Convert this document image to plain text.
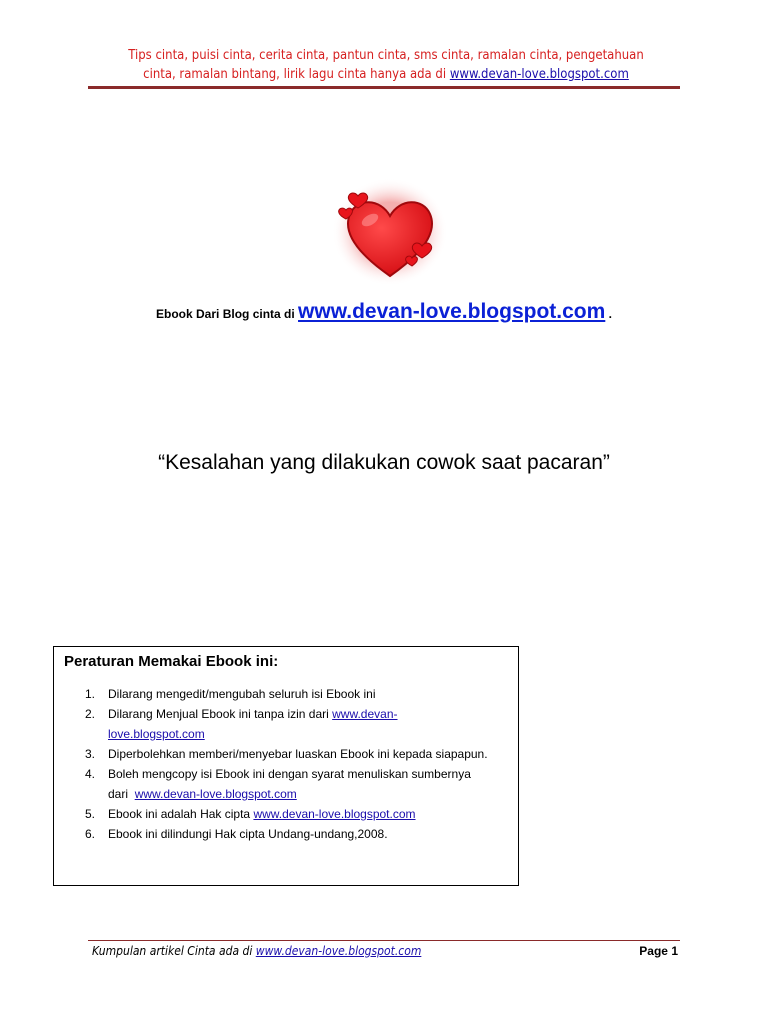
Tips cinta, puisi cinta, cerita cinta, pantun cinta, sms cinta, ramalan cinta, pengetahuan
cinta, ramalan bintang, lirik lagu cinta hanya ada di www.devan-love.blogspot.com
Ebook Dari Blog cinta di www.devan-love.blogspot.com .
“Kesalahan yang dilakukan cowok saat pacaran”
Peraturan Memakai Ebook ini:
1. Dilarang mengedit/mengubah seluruh isi Ebook ini
2. Dilarang Menjual Ebook ini tanpa izin dari www.devan-
love.blogspot.com
3. Diperbolehkan memberi/menyebar luaskan Ebook ini kepada siapapun.
4. Boleh mengcopy isi Ebook ini dengan syarat menuliskan sumbernya
dari  www.devan-love.blogspot.com
5. Ebook ini adalah Hak cipta www.devan-love.blogspot.com
6. Ebook ini dilindungi Hak cipta Undang-undang,2008.
Kumpulan artikel Cinta ada di www.devan-love.blogspot.com	Page 1
